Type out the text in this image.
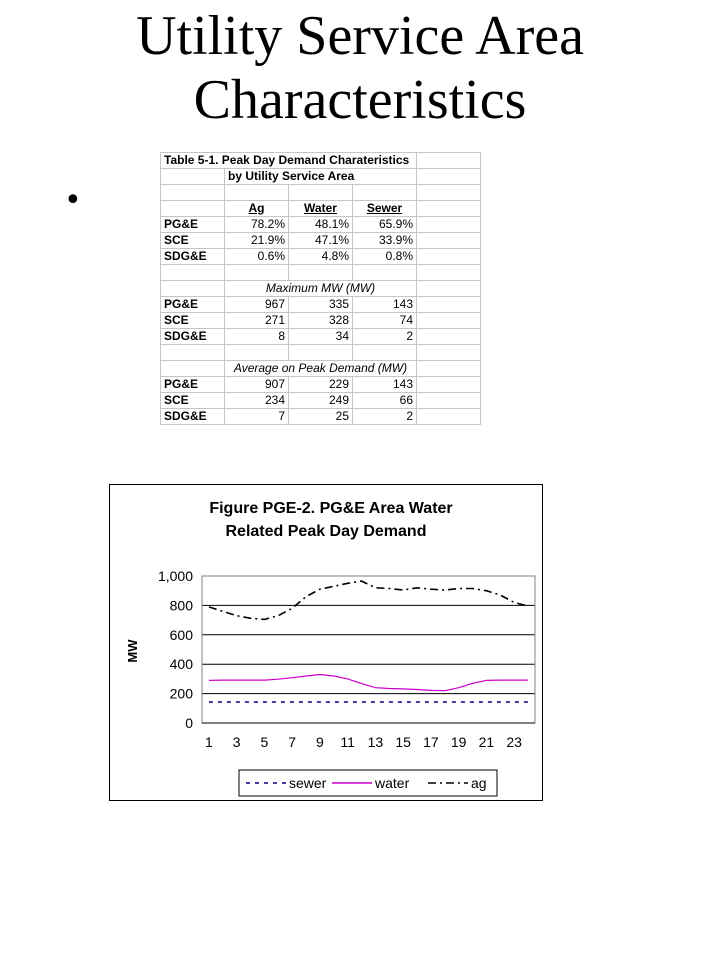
Utility Service Area
Characteristics
•
Table 5-1. Peak Day Demand Charateristics				
	by Utility Service Area			

	Ag	Water	Sewer	
PG&E	78.2%	48.1%	65.9%	
SCE	21.9%	47.1%	33.9%	
SDG&E	0.6%	4.8%	0.8%	

	Maximum MW (MW)			
PG&E	967	335	143	
SCE	271	328	74	
SDG&E	8	34	2	

	Average on Peak Demand (MW)			
PG&E	907	229	143	
SCE	234	249	66	
SDG&E	7	25	2	
Figure PGE-2. PG&E Area Water
Related Peak Day Demand
MW
0
200
400
600
800
1,000
1 3 5 7 9 11 13 15 17 19 21 23
sewer	water	ag
